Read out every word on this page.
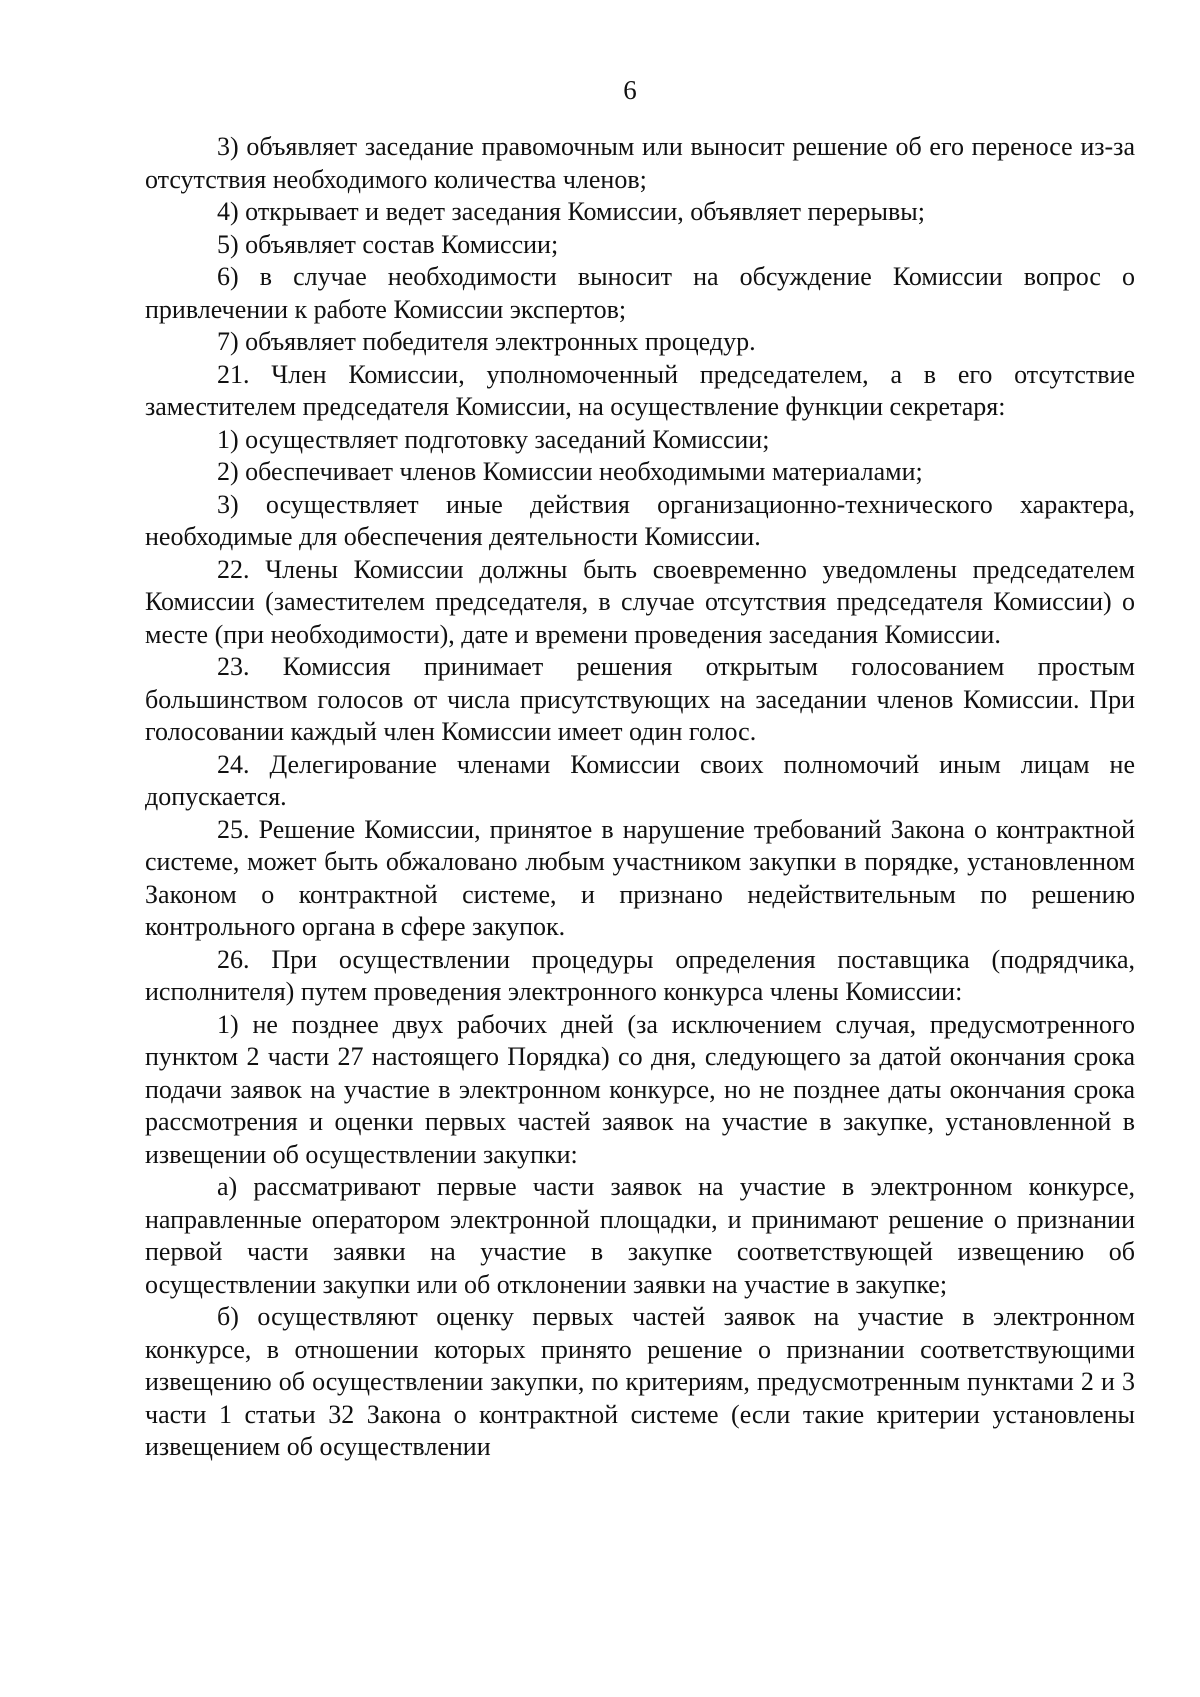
6

3) объявляет заседание правомочным или выносит решение об его переносе из-за отсутствия необходимого количества членов;

4) открывает и ведет заседания Комиссии, объявляет перерывы;

5) объявляет состав Комиссии;

6) в случае необходимости выносит на обсуждение Комиссии вопрос о привлечении к работе Комиссии экспертов;

7) объявляет победителя электронных процедур.

21. Член Комиссии, уполномоченный председателем, а в его отсутствие заместителем председателя Комиссии, на осуществление функции секретаря:

1) осуществляет подготовку заседаний Комиссии;

2) обеспечивает членов Комиссии необходимыми материалами;

3) осуществляет иные действия организационно-технического характера, необходимые для обеспечения деятельности Комиссии.

22. Члены Комиссии должны быть своевременно уведомлены председателем Комиссии (заместителем председателя, в случае отсутствия председателя Комиссии) о месте (при необходимости), дате и времени проведения заседания Комиссии.

23. Комиссия принимает решения открытым голосованием простым большинством голосов от числа присутствующих на заседании членов Комиссии. При голосовании каждый член Комиссии имеет один голос.

24. Делегирование членами Комиссии своих полномочий иным лицам не допускается.

25. Решение Комиссии, принятое в нарушение требований Закона о контрактной системе, может быть обжаловано любым участником закупки в порядке, установленном Законом о контрактной системе, и признано недействительным по решению контрольного органа в сфере закупок.

26. При осуществлении процедуры определения поставщика (подрядчика, исполнителя) путем проведения электронного конкурса члены Комиссии:

1) не позднее двух рабочих дней (за исключением случая, предусмотренного пунктом 2 части 27 настоящего Порядка) со дня, следующего за датой окончания срока подачи заявок на участие в электронном конкурсе, но не позднее даты окончания срока рассмотрения и оценки первых частей заявок на участие в закупке, установленной в извещении об осуществлении закупки:

а) рассматривают первые части заявок на участие в электронном конкурсе, направленные оператором электронной площадки, и принимают решение о признании первой части заявки на участие в закупке соответствующей извещению об осуществлении закупки или об отклонении заявки на участие в закупке;

б) осуществляют оценку первых частей заявок на участие в электронном конкурсе, в отношении которых принято решение о признании соответствующими извещению об осуществлении закупки, по критериям, предусмотренным пунктами 2 и 3 части 1 статьи 32 Закона о контрактной системе (если такие критерии установлены извещением об осуществлении
